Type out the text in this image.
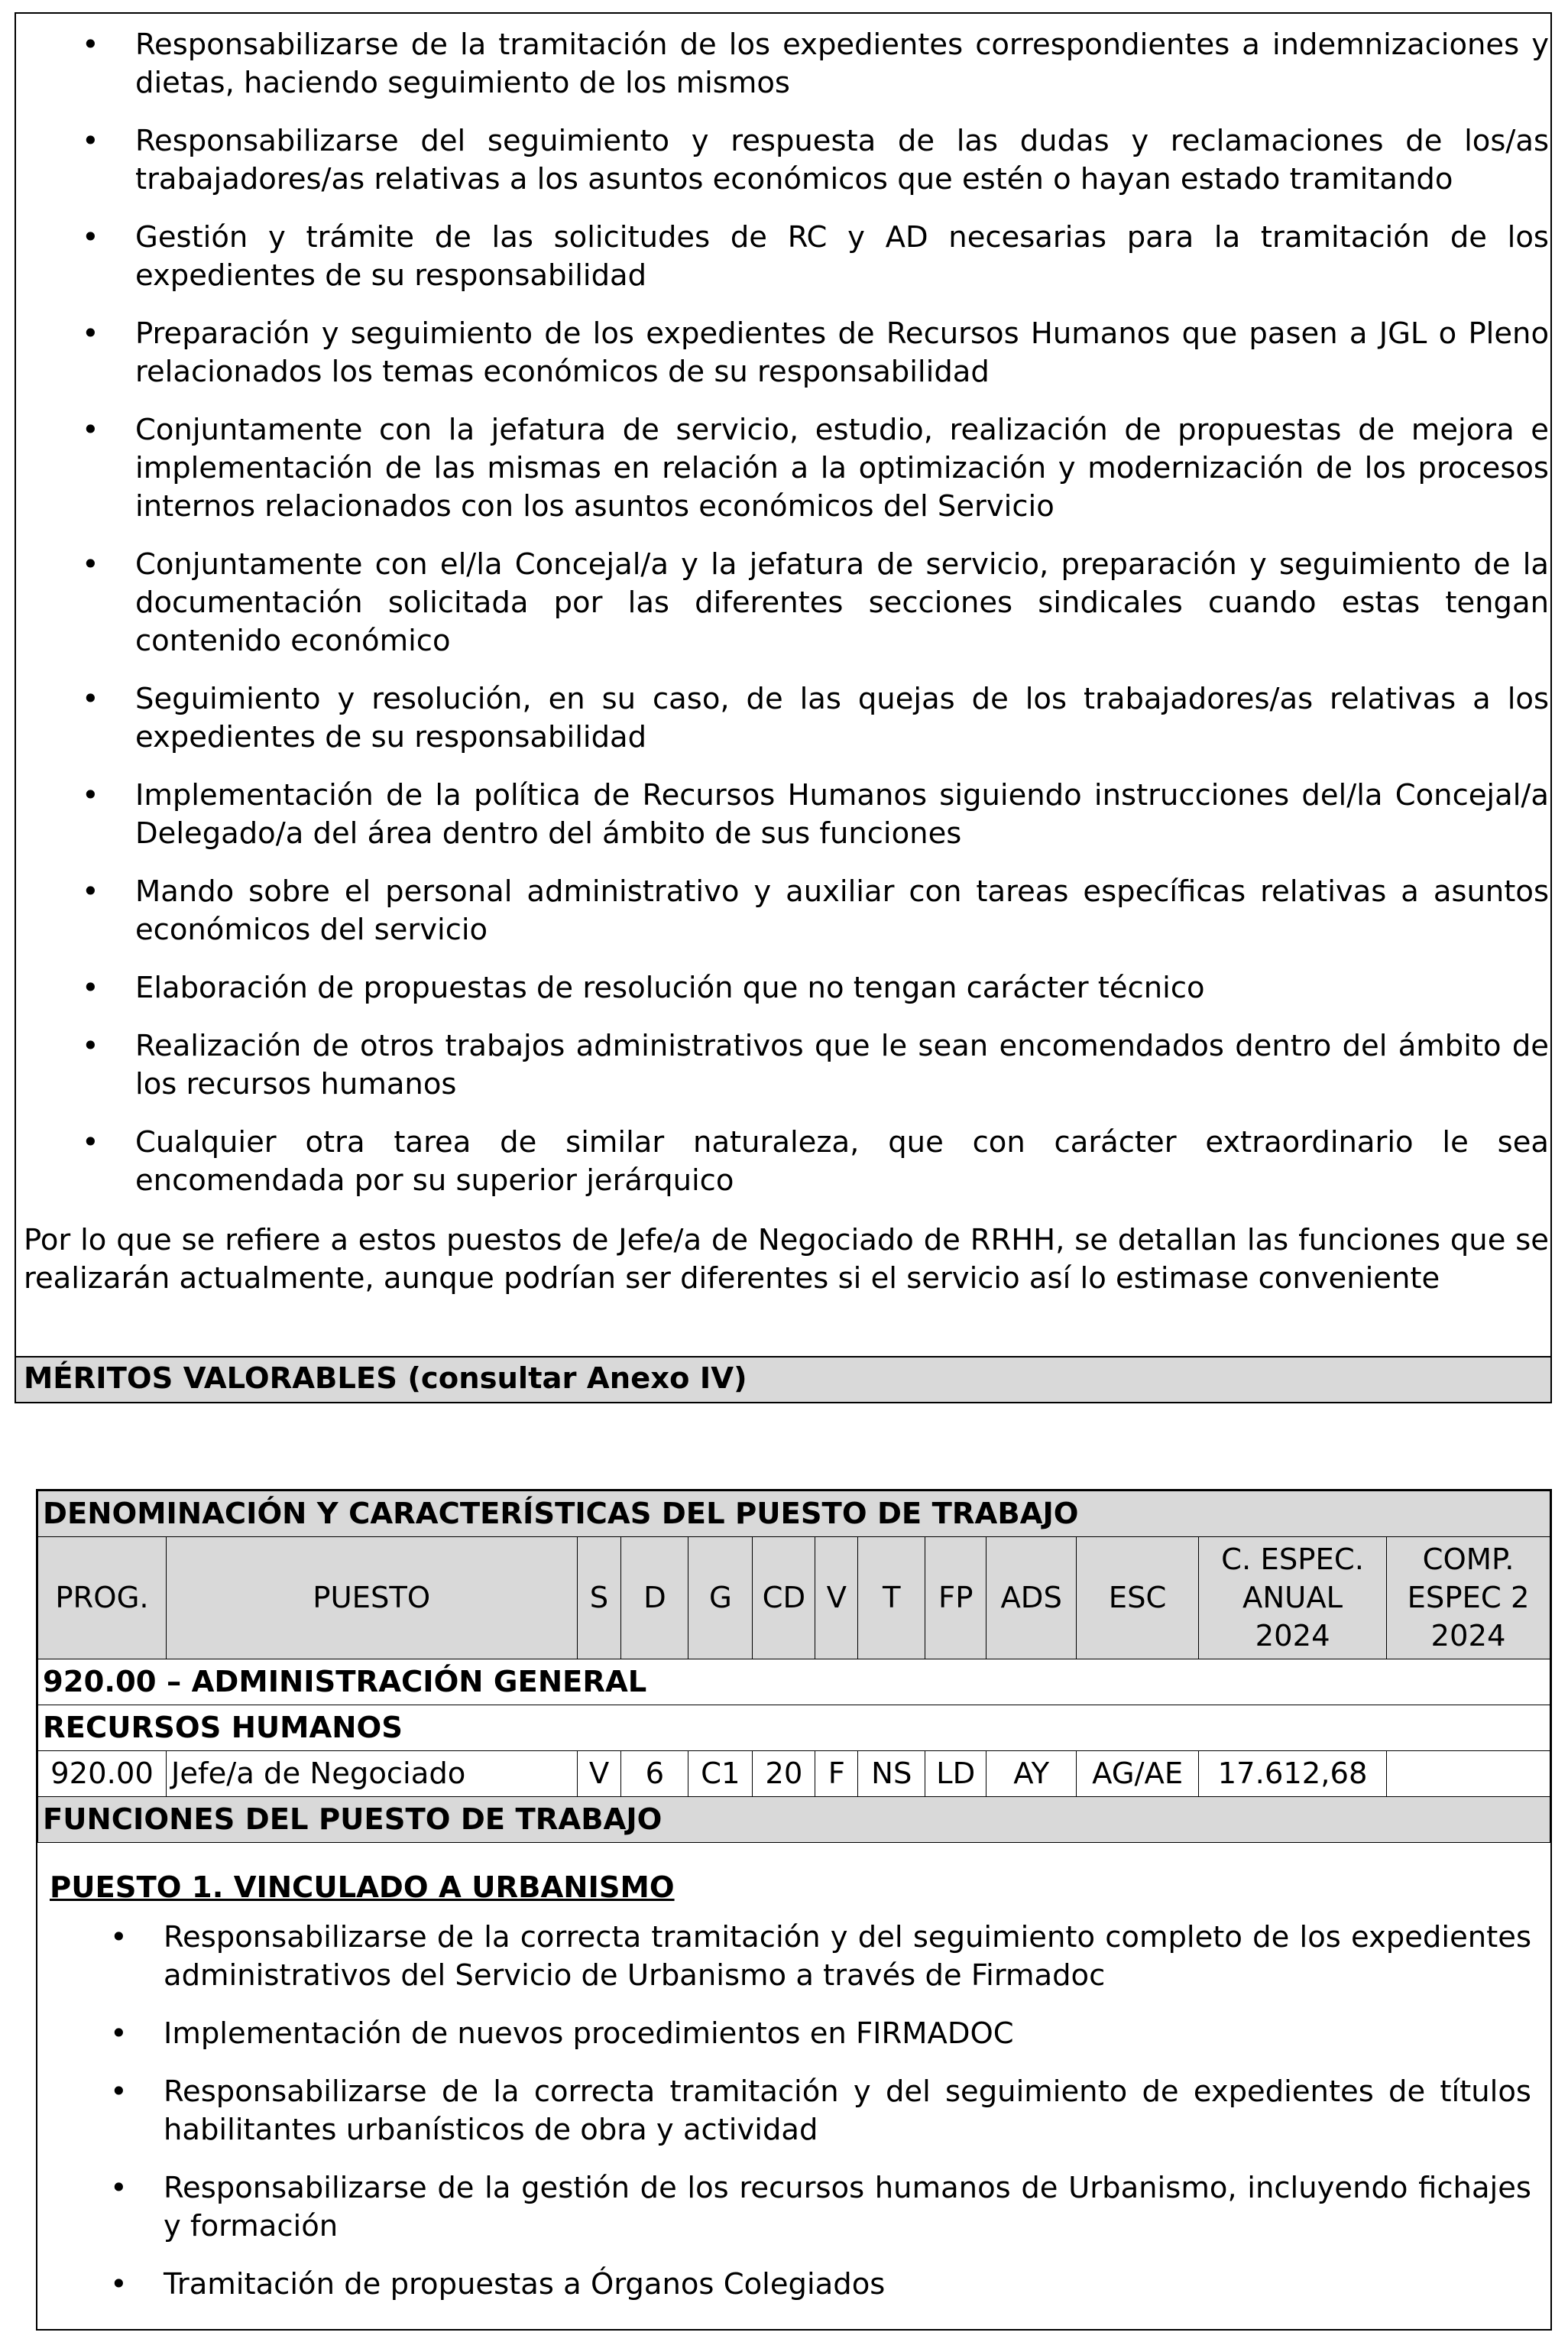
• Responsabilizarse de la tramitación de los expedientes correspondientes a indemnizaciones y dietas, haciendo seguimiento de los mismos
• Responsabilizarse del seguimiento y respuesta de las dudas y reclamaciones de los/as trabajadores/as relativas a los asuntos económicos que estén o hayan estado tramitando
• Gestión y trámite de las solicitudes de RC y AD necesarias para la tramitación de los expedientes de su responsabilidad
• Preparación y seguimiento de los expedientes de Recursos Humanos que pasen a JGL o Pleno relacionados los temas económicos de su responsabilidad
• Conjuntamente con la jefatura de servicio, estudio, realización de propuestas de mejora e implementación de las mismas en relación a la optimización y modernización de los procesos internos relacionados con los asuntos económicos del Servicio
• Conjuntamente con el/la Concejal/a y la jefatura de servicio, preparación y seguimiento de la documentación solicitada por las diferentes secciones sindicales cuando estas tengan contenido económico
• Seguimiento y resolución, en su caso, de las quejas de los trabajadores/as relativas a los expedientes de su responsabilidad
• Implementación de la política de Recursos Humanos siguiendo instrucciones del/la Concejal/a Delegado/a del área dentro del ámbito de sus funciones
• Mando sobre el personal administrativo y auxiliar con tareas específicas relativas a asuntos económicos del servicio
• Elaboración de propuestas de resolución que no tengan carácter técnico
• Realización de otros trabajos administrativos que le sean encomendados dentro del ámbito de los recursos humanos
• Cualquier otra tarea de similar naturaleza, que con carácter extraordinario le sea encomendada por su superior jerárquico

Por lo que se refiere a estos puestos de Jefe/a de Negociado de RRHH, se detallan las funciones que se realizarán actualmente, aunque podrían ser diferentes si el servicio así lo estimase conveniente

MÉRITOS VALORABLES (consultar Anexo IV)
DENOMINACIÓN Y CARACTERÍSTICAS DEL PUESTO DE TRABAJO												
PROG.	PUESTO	S	D	G	CD	V	T	FP	ADS	ESC	C. ESPEC. ANUAL 2024	COMP. ESPEC 2 2024
920.00 – ADMINISTRACIÓN GENERAL												
RECURSOS HUMANOS												
920.00	Jefe/a de Negociado	V	6	C1	20	F	NS	LD	AY	AG/AE	17.612,68	
FUNCIONES DEL PUESTO DE TRABAJO												

PUESTO 1. VINCULADO A URBANISMO

• Responsabilizarse de la correcta tramitación y del seguimiento completo de los expedientes administrativos del Servicio de Urbanismo a través de Firmadoc
• Implementación de nuevos procedimientos en FIRMADOC
• Responsabilizarse de la correcta tramitación y del seguimiento de expedientes de títulos habilitantes urbanísticos de obra y actividad
• Responsabilizarse de la gestión de los recursos humanos de Urbanismo, incluyendo fichajes y formación
• Tramitación de propuestas a Órganos Colegiados
